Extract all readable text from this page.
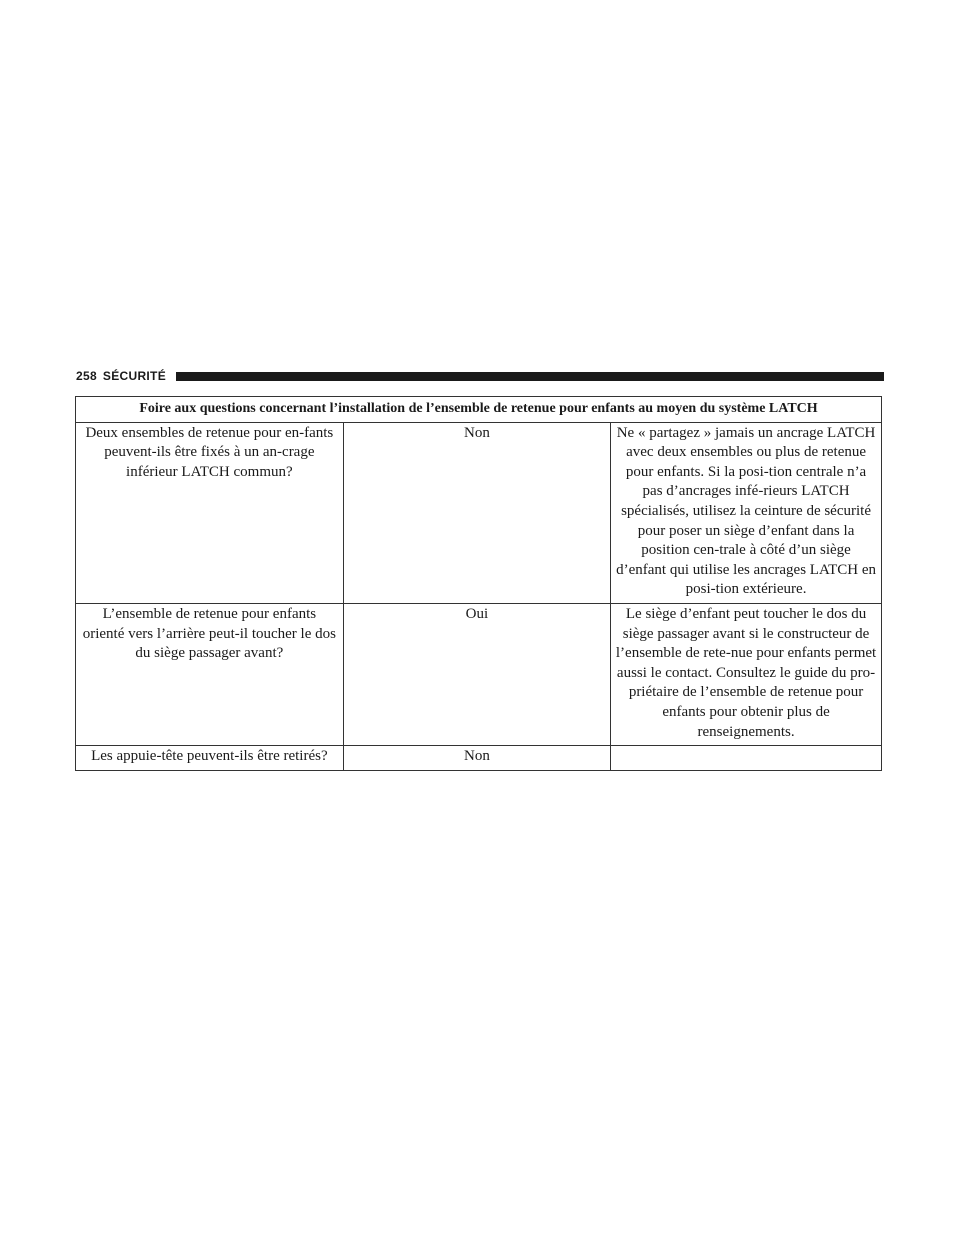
258 SÉCURITÉ
Foire aux questions concernant l’installation de l’ensemble de retenue pour enfants au moyen du système LATCH		
Deux ensembles de retenue pour en-fants peuvent-ils être fixés à un an-crage inférieur LATCH commun?	Non	Ne « partagez » jamais un ancrage LATCH avec deux ensembles ou plus de retenue pour enfants. Si la posi-tion centrale n’a pas d’ancrages infé-rieurs LATCH spécialisés, utilisez la ceinture de sécurité pour poser un siège d’enfant dans la position cen-trale à côté d’un siège d’enfant qui utilise les ancrages LATCH en posi-tion extérieure.
L’ensemble de retenue pour enfants orienté vers l’arrière peut-il toucher le dos du siège passager avant?	Oui	Le siège d’enfant peut toucher le dos du siège passager avant si le constructeur de l’ensemble de rete-nue pour enfants permet aussi le contact. Consultez le guide du pro-priétaire de l’ensemble de retenue pour enfants pour obtenir plus de renseignements.
Les appuie-tête peuvent-ils être retirés?	Non	
